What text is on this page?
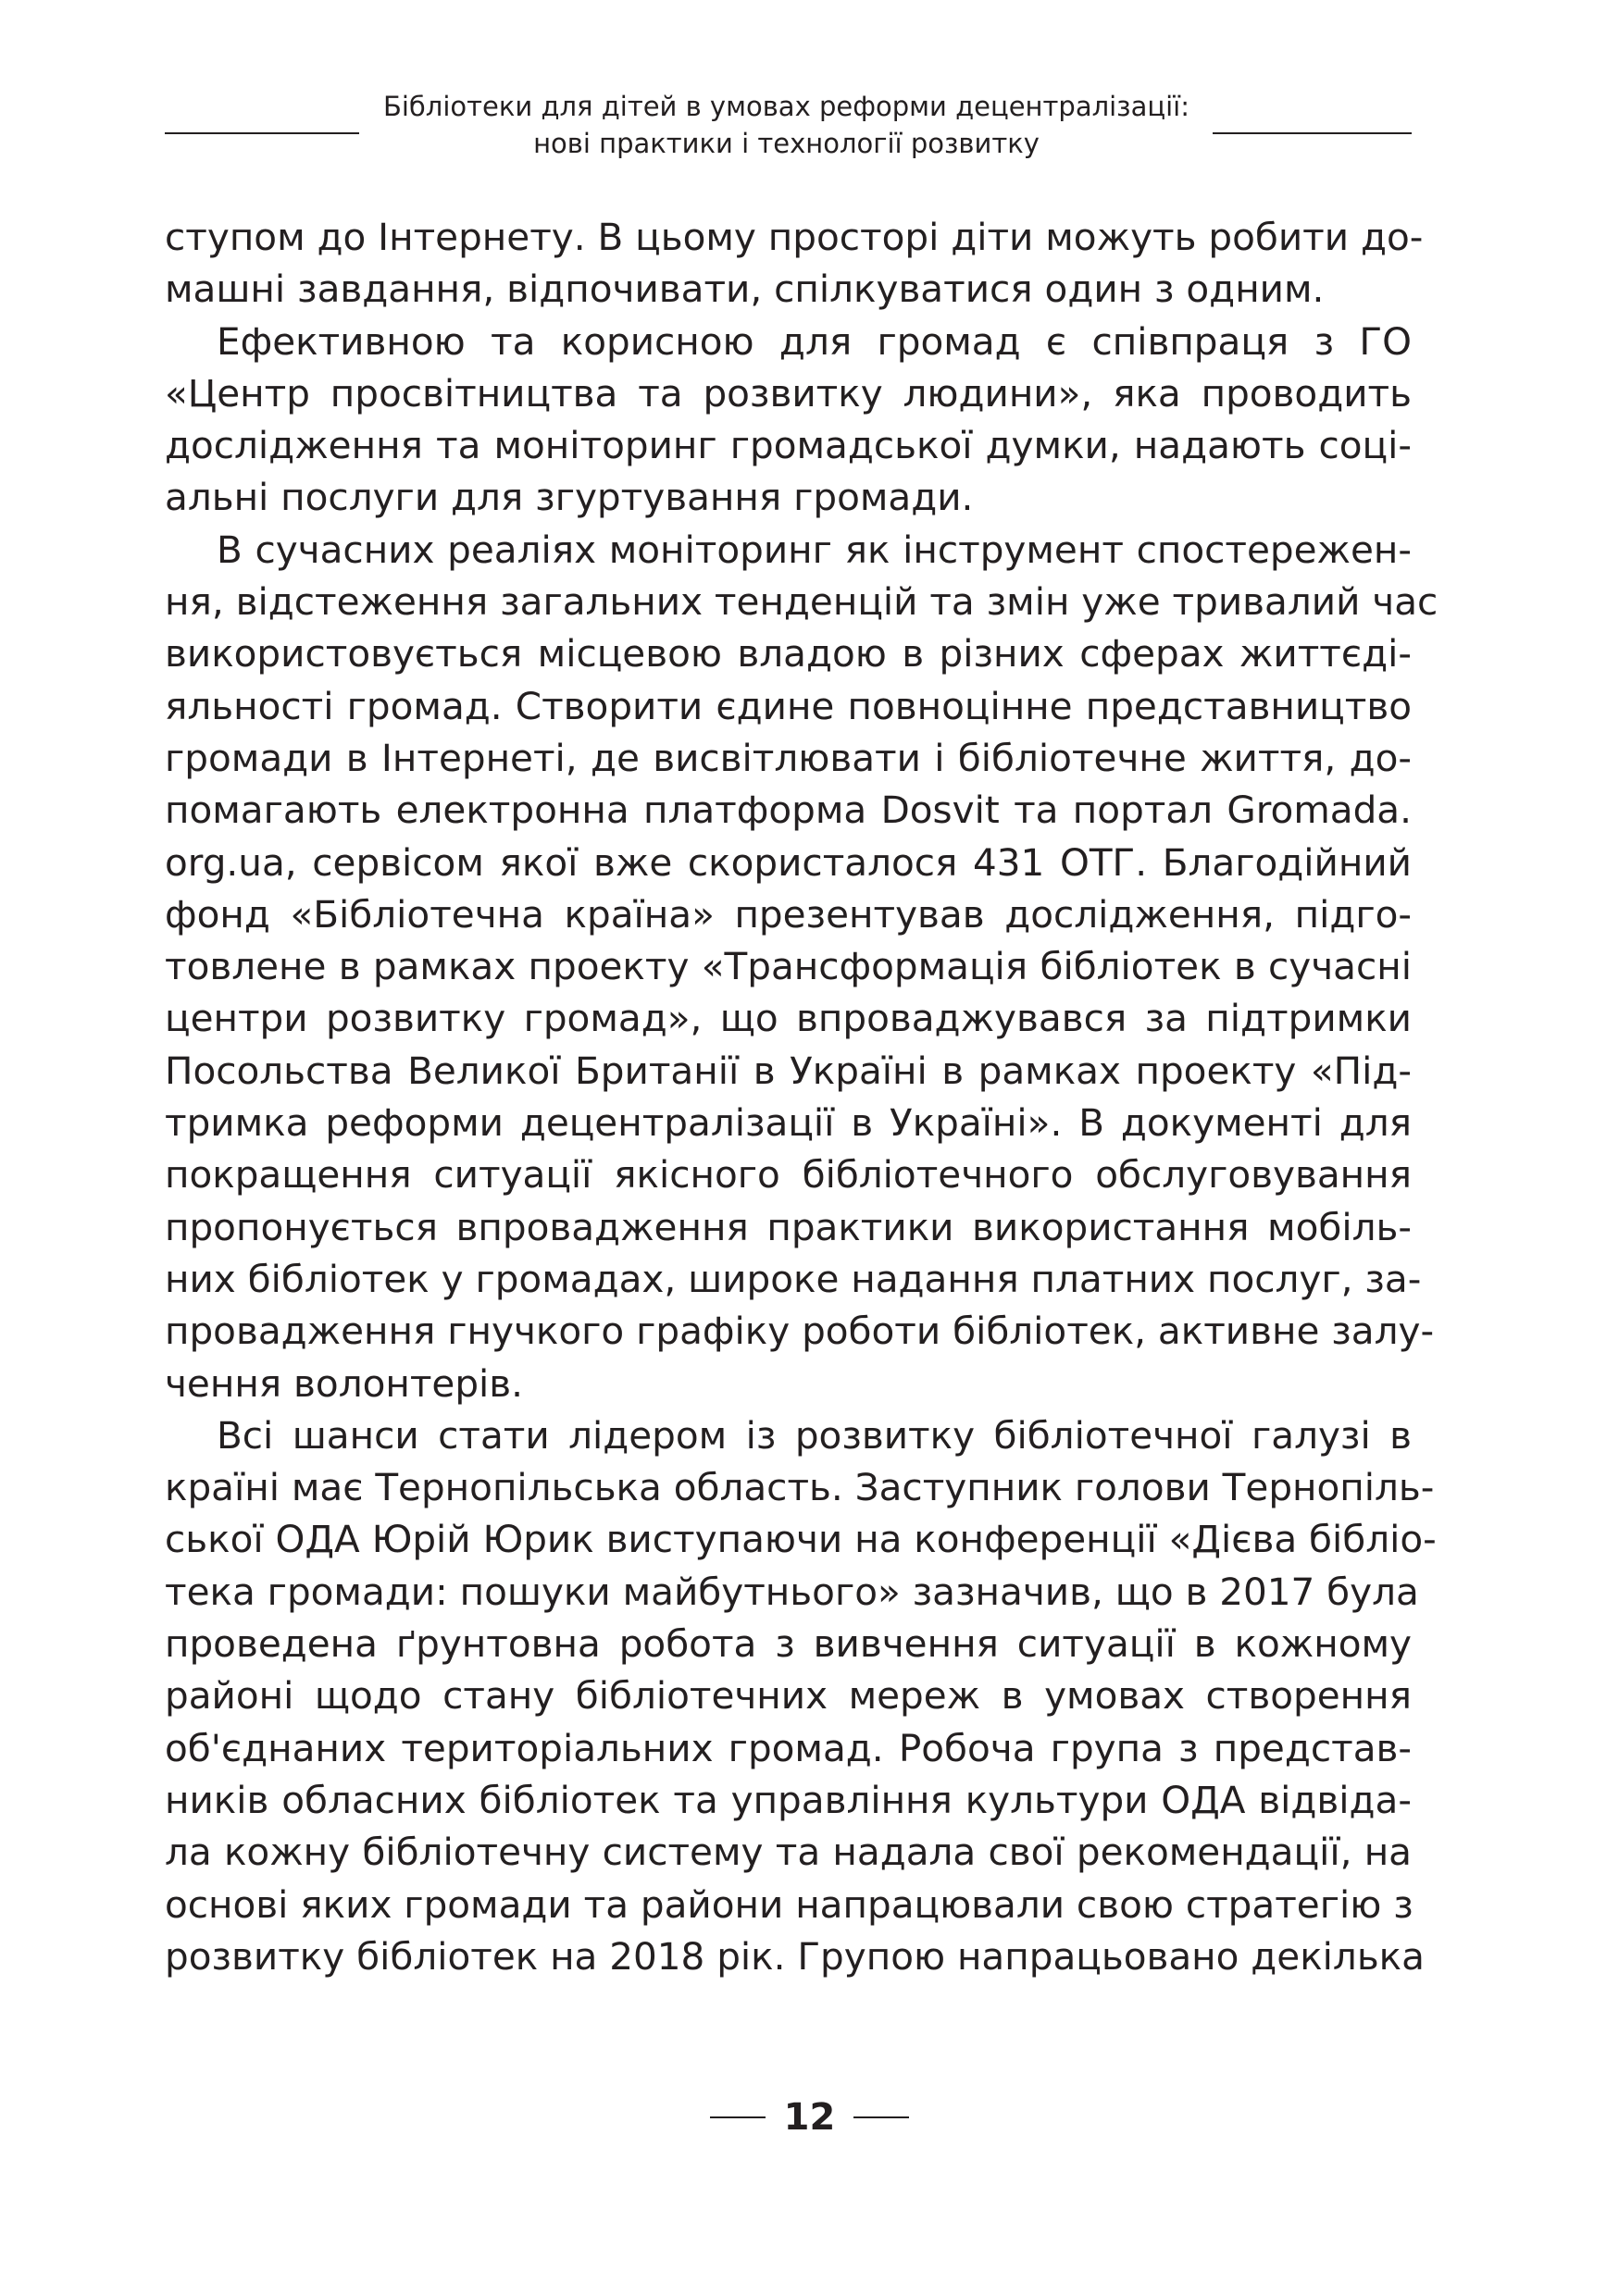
Бібліотеки для дітей в умовах реформи децентралізації:
нові практики і технології розвитку

ступом до Інтернету. В цьому просторі діти можуть робити до-
машні завдання, відпочивати, спілкуватися один з одним.

Ефективною та корисною для громад є співпраця з ГО
«Центр просвітництва та розвитку людини», яка проводить
дослідження та моніторинг громадської думки, надають соці-
альні послуги для згуртування громади.

В сучасних реаліях моніторинг як інструмент спостережен-
ня, відстеження загальних тенденцій та змін уже тривалий час
використовується місцевою владою в різних сферах життєді-
яльності громад. Створити єдине повноцінне представництво
громади в Інтернеті, де висвітлювати і бібліотечне життя, до-
помагають електронна платформа Dosvit та портал Gromada.
org.ua, сервісом якої вже скористалося 431 ОТГ. Благодійний
фонд «Бібліотечна країна» презентував дослідження, підго-
товлене в рамках проекту «Трансформація бібліотек в сучасні
центри розвитку громад», що впроваджувався за підтримки
Посольства Великої Британії в Україні в рамках проекту «Під-
тримка реформи децентралізації в Україні». В документі для
покращення ситуації якісного бібліотечного обслуговування
пропонується впровадження практики використання мобіль-
них бібліотек у громадах, широке надання платних послуг, за-
провадження гнучкого графіку роботи бібліотек, активне залу-
чення волонтерів.

Всі шанси стати лідером із розвитку бібліотечної галузі в
країні має Тернопільська область. Заступник голови Тернопіль-
ської ОДА Юрій Юрик виступаючи на конференції «Дієва бібліо-
тека громади: пошуки майбутнього» зазначив, що в 2017 була
проведена ґрунтовна робота з вивчення ситуації в кожному
районі щодо стану бібліотечних мереж в умовах створення
об'єднаних територіальних громад. Робоча група з представ-
ників обласних бібліотек та управління культури ОДА відвіда-
ла кожну бібліотечну систему та надала свої рекомендації, на
основі яких громади та райони напрацювали свою стратегію з
розвитку бібліотек на 2018 рік. Групою напрацьовано декілька

12
